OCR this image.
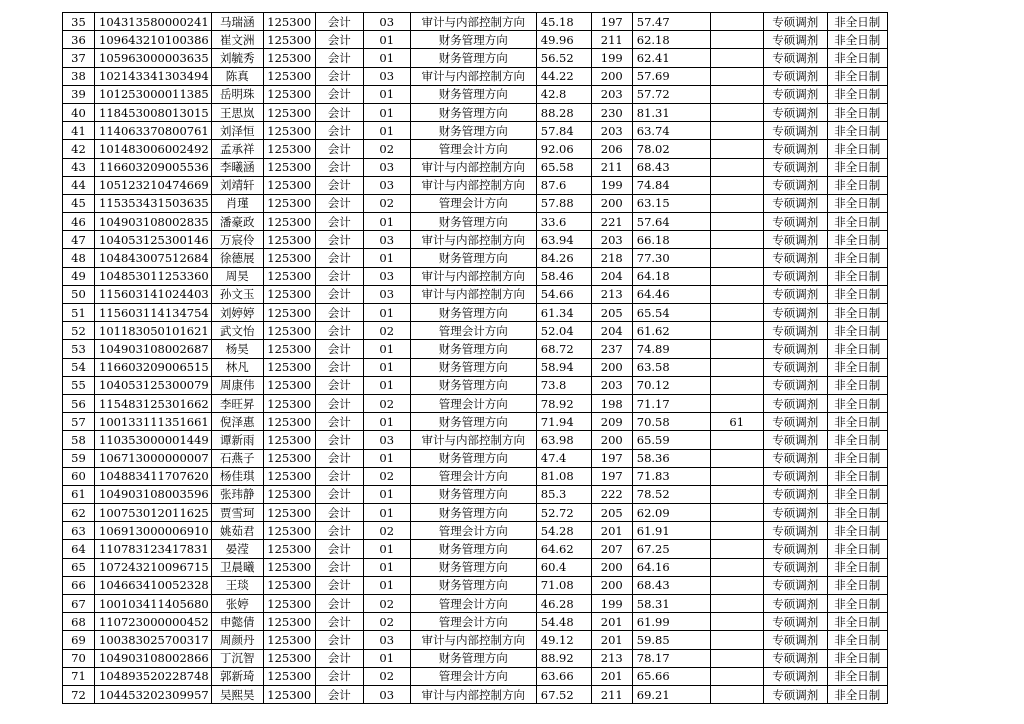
35	104313580000241	马瑞涵	125300	会计	03	审计与内部控制方向	45.18	197	57.47		专硕调剂	非全日制
36	109643210100386	崔文洲	125300	会计	01	财务管理方向	49.96	211	62.18		专硕调剂	非全日制
37	105963000003635	刘毓秀	125300	会计	01	财务管理方向	56.52	199	62.41		专硕调剂	非全日制
38	102143341303494	陈真	125300	会计	03	审计与内部控制方向	44.22	200	57.69		专硕调剂	非全日制
39	101253000011385	岳明珠	125300	会计	01	财务管理方向	42.8	203	57.72		专硕调剂	非全日制
40	118453008013015	王思岚	125300	会计	01	财务管理方向	88.28	230	81.31		专硕调剂	非全日制
41	114063370800761	刘泽恒	125300	会计	01	财务管理方向	57.84	203	63.74		专硕调剂	非全日制
42	101483006002492	孟承祥	125300	会计	02	管理会计方向	92.06	206	78.02		专硕调剂	非全日制
43	116603209005536	李曦涵	125300	会计	03	审计与内部控制方向	65.58	211	68.43		专硕调剂	非全日制
44	105123210474669	刘靖轩	125300	会计	03	审计与内部控制方向	87.6	199	74.84		专硕调剂	非全日制
45	115353431503635	肖瑾	125300	会计	02	管理会计方向	57.88	200	63.15		专硕调剂	非全日制
46	104903108002835	潘豪政	125300	会计	01	财务管理方向	33.6	221	57.64		专硕调剂	非全日制
47	104053125300146	万宸伶	125300	会计	03	审计与内部控制方向	63.94	203	66.18		专硕调剂	非全日制
48	104843007512684	徐德展	125300	会计	01	财务管理方向	84.26	218	77.30		专硕调剂	非全日制
49	104853011253360	周昊	125300	会计	03	审计与内部控制方向	58.46	204	64.18		专硕调剂	非全日制
50	115603141024403	孙文玉	125300	会计	03	审计与内部控制方向	54.66	213	64.46		专硕调剂	非全日制
51	115603114134754	刘婷婷	125300	会计	01	财务管理方向	61.34	205	65.54		专硕调剂	非全日制
52	101183050101621	武文怡	125300	会计	02	管理会计方向	52.04	204	61.62		专硕调剂	非全日制
53	104903108002687	杨昊	125300	会计	01	财务管理方向	68.72	237	74.89		专硕调剂	非全日制
54	116603209006515	林凡	125300	会计	01	财务管理方向	58.94	200	63.58		专硕调剂	非全日制
55	104053125300079	周康伟	125300	会计	01	财务管理方向	73.8	203	70.12		专硕调剂	非全日制
56	115483125301662	李旺昇	125300	会计	02	管理会计方向	78.92	198	71.17		专硕调剂	非全日制
57	100133111351661	倪泽惠	125300	会计	01	财务管理方向	71.94	209	70.58	61	专硕调剂	非全日制
58	110353000001449	谭新雨	125300	会计	03	审计与内部控制方向	63.98	200	65.59		专硕调剂	非全日制
59	106713000000007	石燕子	125300	会计	01	财务管理方向	47.4	197	58.36		专硕调剂	非全日制
60	104883411707620	杨佳琪	125300	会计	02	管理会计方向	81.08	197	71.83		专硕调剂	非全日制
61	104903108003596	张玮静	125300	会计	01	财务管理方向	85.3	222	78.52		专硕调剂	非全日制
62	100753012011625	贾雪珂	125300	会计	01	财务管理方向	52.72	205	62.09		专硕调剂	非全日制
63	106913000006910	姚茹君	125300	会计	02	管理会计方向	54.28	201	61.91		专硕调剂	非全日制
64	110783123417831	晏滢	125300	会计	01	财务管理方向	64.62	207	67.25		专硕调剂	非全日制
65	107243210096715	卫晨曦	125300	会计	01	财务管理方向	60.4	200	64.16		专硕调剂	非全日制
66	104663410052328	王琰	125300	会计	01	财务管理方向	71.08	200	68.43		专硕调剂	非全日制
67	100103411405680	张婷	125300	会计	02	管理会计方向	46.28	199	58.31		专硕调剂	非全日制
68	110723000000452	申懿倩	125300	会计	02	管理会计方向	54.48	201	61.99		专硕调剂	非全日制
69	100383025700317	周颜丹	125300	会计	03	审计与内部控制方向	49.12	201	59.85		专硕调剂	非全日制
70	104903108002866	丁沉智	125300	会计	01	财务管理方向	88.92	213	78.17		专硕调剂	非全日制
71	104893520228748	郭新琦	125300	会计	02	管理会计方向	63.66	201	65.66		专硕调剂	非全日制
72	104453202309957	吴熙昊	125300	会计	03	审计与内部控制方向	67.52	211	69.21		专硕调剂	非全日制
